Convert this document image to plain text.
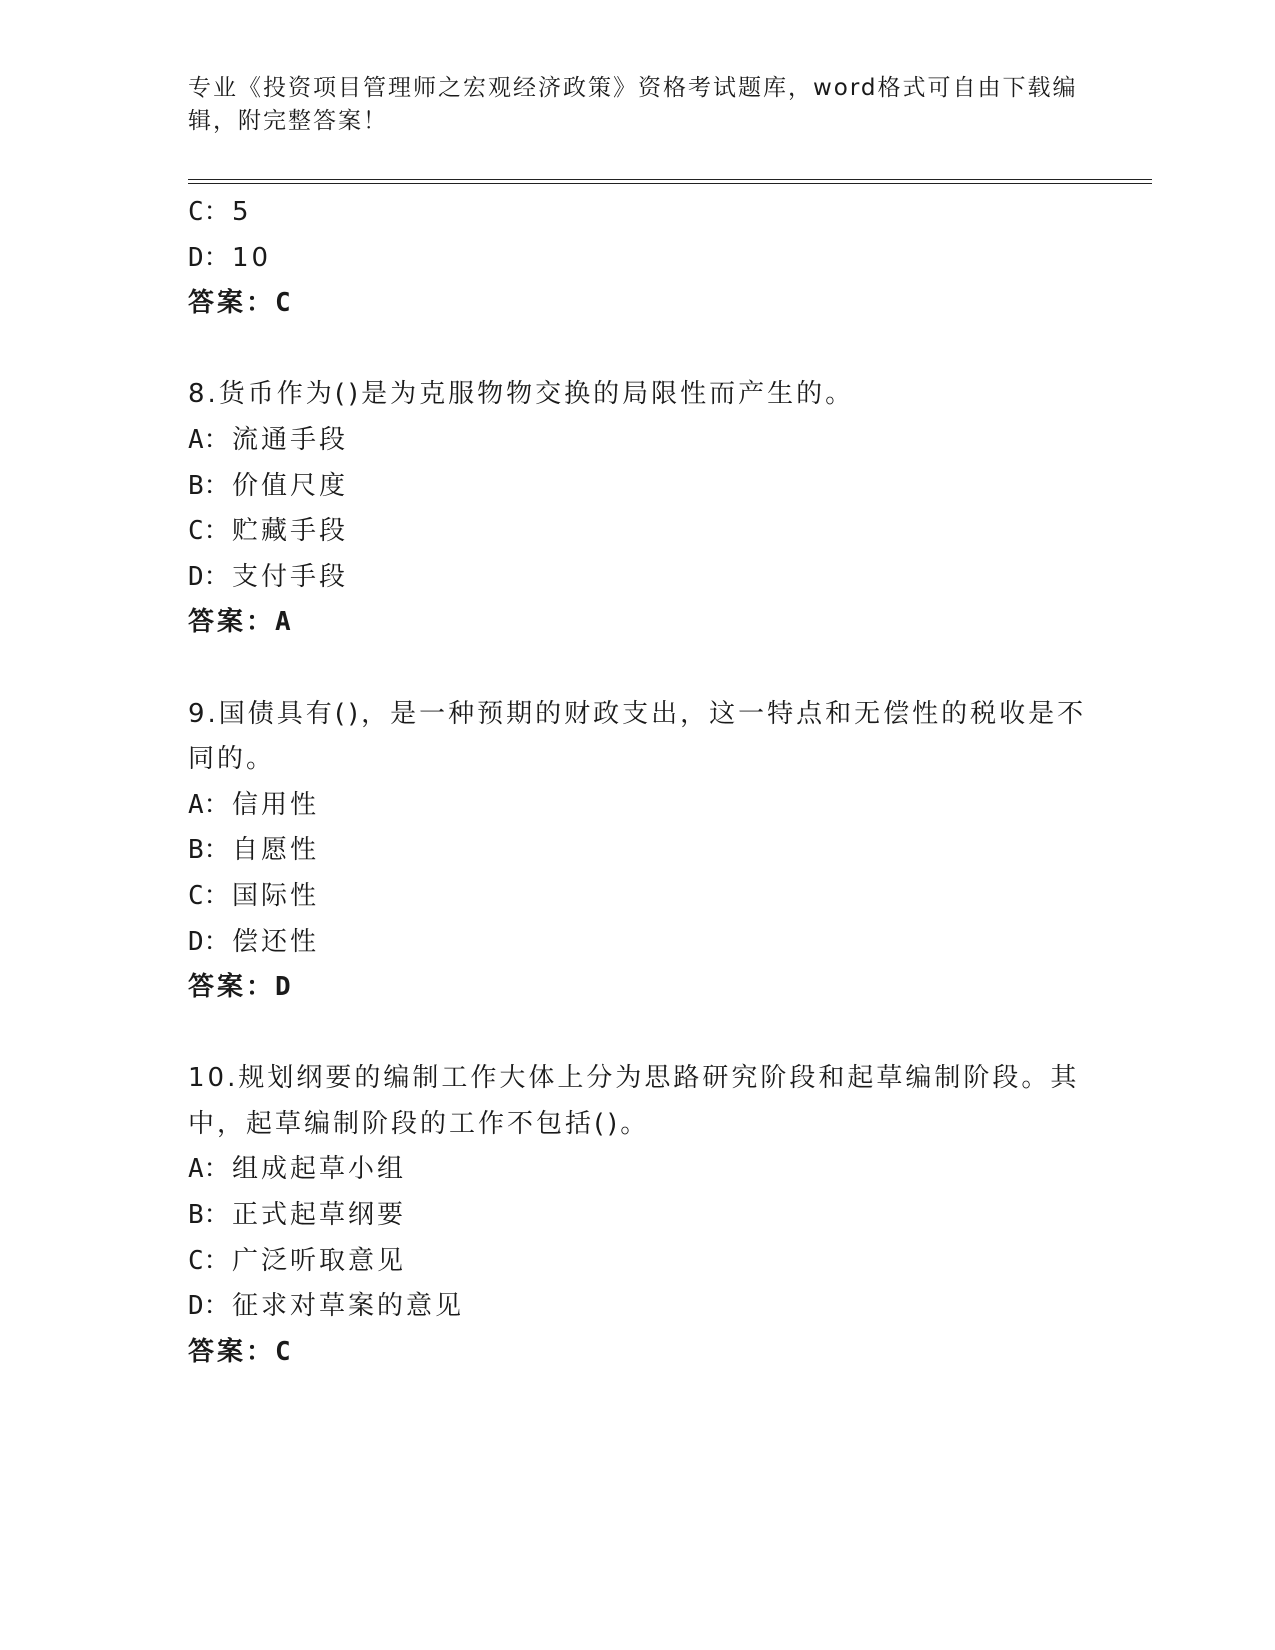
专业《投资项目管理师之宏观经济政策》资格考试题库，word格式可自由下载编辑，附完整答案！
C：5
D：10
答案：C
8.货币作为()是为克服物物交换的局限性而产生的。
A：流通手段
B：价值尺度
C：贮藏手段
D：支付手段
答案：A
9.国债具有()，是一种预期的财政支出，这一特点和无偿性的税收是不同的。
A：信用性
B：自愿性
C：国际性
D：偿还性
答案：D
10.规划纲要的编制工作大体上分为思路研究阶段和起草编制阶段。其中，起草编制阶段的工作不包括()。
A：组成起草小组
B：正式起草纲要
C：广泛听取意见
D：征求对草案的意见
答案：C
